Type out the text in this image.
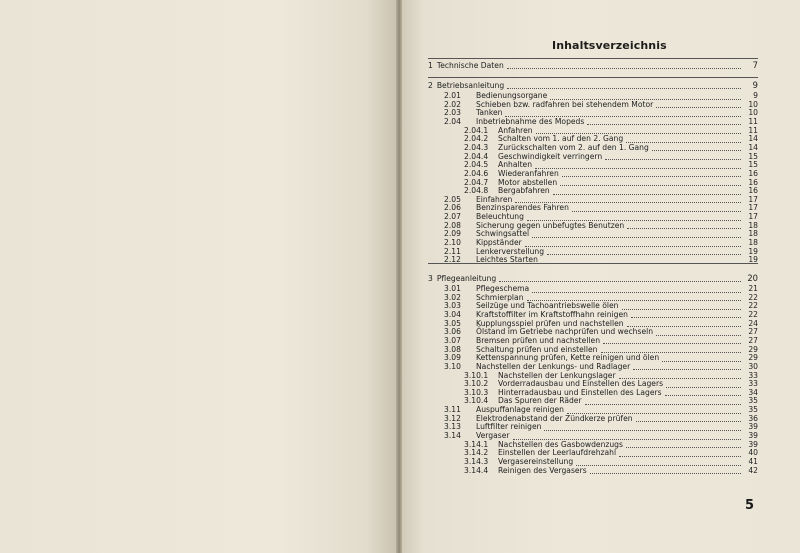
Inhaltsverzeichnis
1 Technische Daten	7
2 Betriebsanleitung	9
2.01	Bedienungsorgane	9
2.02	Schieben bzw. radfahren bei stehendem Motor	10
2.03	Tanken	10
2.04	Inbetriebnahme des Mopeds	11
2.04.1	Anfahren	11
2.04.2	Schalten vom 1. auf den 2. Gang	14
2.04.3	Zurückschalten vom 2. auf den 1. Gang	14
2.04.4	Geschwindigkeit verringern	15
2.04.5	Anhalten	15
2.04.6	Wiederanfahren	16
2.04.7	Motor abstellen	16
2.04.8	Bergabfahren	16
2.05	Einfahren	17
2.06	Benzinsparendes Fahren	17
2.07	Beleuchtung	17
2.08	Sicherung gegen unbefugtes Benutzen	18
2.09	Schwingsattel	18
2.10	Kippständer	18
2.11	Lenkerverstellung	19
2.12	Leichtes Starten	19
3 Pflegeanleitung	20
3.01	Pflegeschema	21
3.02	Schmierplan	22
3.03	Seilzüge und Tachoantriebswelle ölen	22
3.04	Kraftstoffilter im Kraftstoffhahn reinigen	22
3.05	Kupplungsspiel prüfen und nachstellen	24
3.06	Ölstand im Getriebe nachprüfen und wechseln	27
3.07	Bremsen prüfen und nachstellen	27
3.08	Schaltung prüfen und einstellen	29
3.09	Kettenspannung prüfen, Kette reinigen und ölen	29
3.10	Nachstellen der Lenkungs- und Radlager	30
3.10.1	Nachstellen der Lenkungslager	33
3.10.2	Vorderradausbau und Einstellen des Lagers	33
3.10.3	Hinterradausbau und Einstellen des Lagers	34
3.10.4	Das Spuren der Räder	35
3.11	Auspuffanlage reinigen	35
3.12	Elektrodenabstand der Zündkerze prüfen	36
3.13	Luftfilter reinigen	39
3.14	Vergaser	39
3.14.1	Nachstellen des Gasbowdenzugs	39
3.14.2	Einstellen der Leerlaufdrehzahl	40
3.14.3	Vergasereinstellung	41
3.14.4	Reinigen des Vergasers	42
5
